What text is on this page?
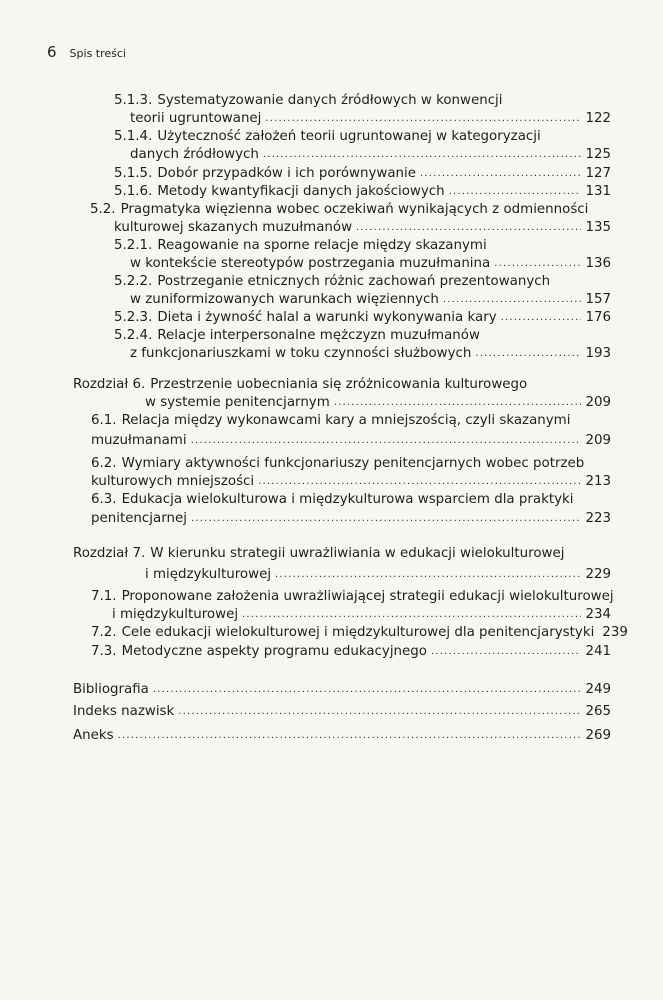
6 Spis treści
5.1.3. Systematyzowanie danych źródłowych w konwencji
teorii ugruntowanej .....	122
5.1.4. Użyteczność założeń teorii ugruntowanej w kategoryzacji
danych źródłowych .....	125
5.1.5. Dobór przypadków i ich porównywanie .....	127
5.1.6. Metody kwantyfikacji danych jakościowych .....	131
5.2. Pragmatyka więzienna wobec oczekiwań wynikających z odmienności
kulturowej skazanych muzułmanów .....	135
5.2.1. Reagowanie na sporne relacje między skazanymi
w kontekście stereotypów postrzegania muzułmanina .....	136
5.2.2. Postrzeganie etnicznych różnic zachowań prezentowanych
w zuniformizowanych warunkach więziennych .....	157
5.2.3. Dieta i żywność halal a warunki wykonywania kary .....	176
5.2.4. Relacje interpersonalne mężczyzn muzułmanów
z funkcjonariuszkami w toku czynności służbowych .....	193
Rozdział 6. Przestrzenie uobecniania się zróżnicowania kulturowego
w systemie penitencjarnym .....	209
6.1. Relacja między wykonawcami kary a mniejszością, czyli skazanymi
muzułmanami .....	209
6.2. Wymiary aktywności funkcjonariuszy penitencjarnych wobec potrzeb
kulturowych mniejszości .....	213
6.3. Edukacja wielokulturowa i międzykulturowa wsparciem dla praktyki
penitencjarnej .....	223
Rozdział 7. W kierunku strategii uwrażliwiania w edukacji wielokulturowej
i międzykulturowej .....	229
7.1. Proponowane założenia uwrażliwiającej strategii edukacji wielokulturowej
i międzykulturowej .....	234
7.2. Cele edukacji wielokulturowej i międzykulturowej dla penitencjarystyki 239
7.3. Metodyczne aspekty programu edukacyjnego .....	241
Bibliografia .....	249
Indeks nazwisk .....	265
Aneks .....	269
